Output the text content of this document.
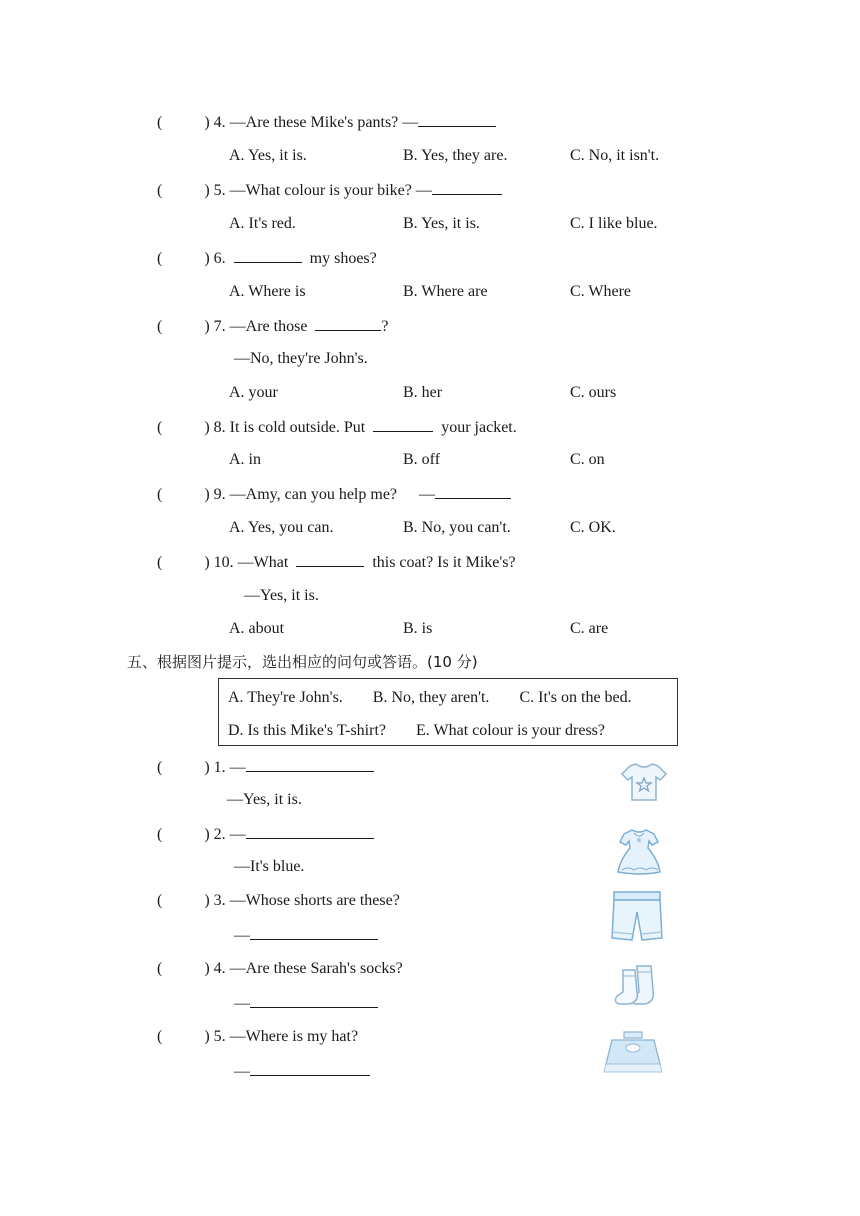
(	) 4. —Are these Mike's pants? —
A. Yes, it is.	B. Yes, they are.	C. No, it isn't.
(	) 5. —What colour is your bike? —
A. It's red.	B. Yes, it is.	C. I like blue.
(	) 6.	my shoes?
A. Where is	B. Where are	C. Where
(	) 7. —Are those	?
—No, they're John's.
A. your	B. her	C. ours
(	) 8. It is cold outside. Put	your jacket.
A. in	B. off	C. on
(	) 9. —Amy, can you help me? —
A. Yes, you can.	B. No, you can't.	C. OK.
(	) 10. —What	this coat? Is it Mike's?
—Yes, it is.
A. about	B. is	C. are
五、根据图片提示，选出相应的问句或答语。(10 分)
A. They're John's. B. No, they aren't. C. It's on the bed.
D. Is this Mike's T-shirt? E. What colour is your dress?
(	) 1. —
—Yes, it is.
(	) 2. —
—It's blue.
(	) 3. —Whose shorts are these?
—
(	) 4. —Are these Sarah's socks?
—
(	) 5. —Where is my hat?
—
